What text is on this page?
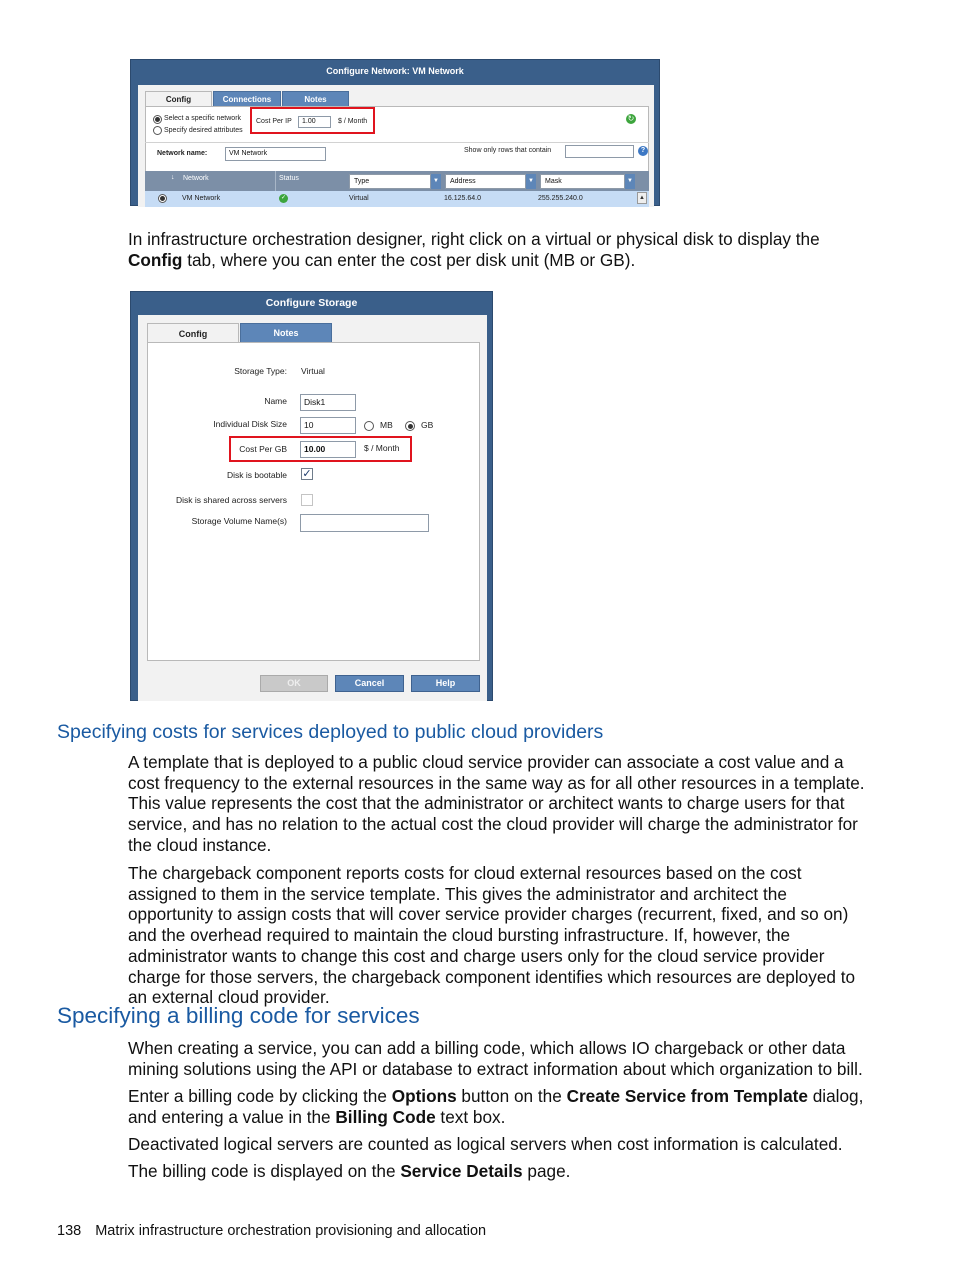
Configure Network: VM Network
Config	Connections	Notes
Select a specific network
Specify desired attributes
Cost Per IP	1.00	$ / Month	↻
Network name:	VM Network	Show only rows that contain	?
↓ Network	Status	Type	▼	Address	▼	Mask	▼
VM Network	✓	Virtual	16.125.64.0	255.255.240.0	▲

In infrastructure orchestration designer, right click on a virtual or physical disk to display the Config tab, where you can enter the cost per disk unit (MB or GB).

Configure Storage
Config	Notes
Storage Type: Virtual
Name	Disk1
Individual Disk Size	10	MB	GB
Cost Per GB	10.00	$ / Month
Disk is bootable ✓
Disk is shared across servers
Storage Volume Name(s)
OK	Cancel	Help
Specifying costs for services deployed to public cloud providers

A template that is deployed to a public cloud service provider can associate a cost value and a cost frequency to the external resources in the same way as for all other resources in a template. This value represents the cost that the administrator or architect wants to charge users for that service, and has no relation to the actual cost the cloud provider will charge the administrator for the cloud instance.

The chargeback component reports costs for cloud external resources based on the cost assigned to them in the service template. This gives the administrator and architect the opportunity to assign costs that will cover service provider charges (recurrent, fixed, and so on) and the overhead required to maintain the cloud bursting infrastructure. If, however, the administrator wants to change this cost and charge users only for the cloud service provider charge for those servers, the chargeback component identifies which resources are deployed to an external cloud provider.

Specifying a billing code for services

When creating a service, you can add a billing code, which allows IO chargeback or other data mining solutions using the API or database to extract information about which organization to bill.

Enter a billing code by clicking the Options button on the Create Service from Template dialog, and entering a value in the Billing Code text box.

Deactivated logical servers are counted as logical servers when cost information is calculated.

The billing code is displayed on the Service Details page.

138 Matrix infrastructure orchestration provisioning and allocation
